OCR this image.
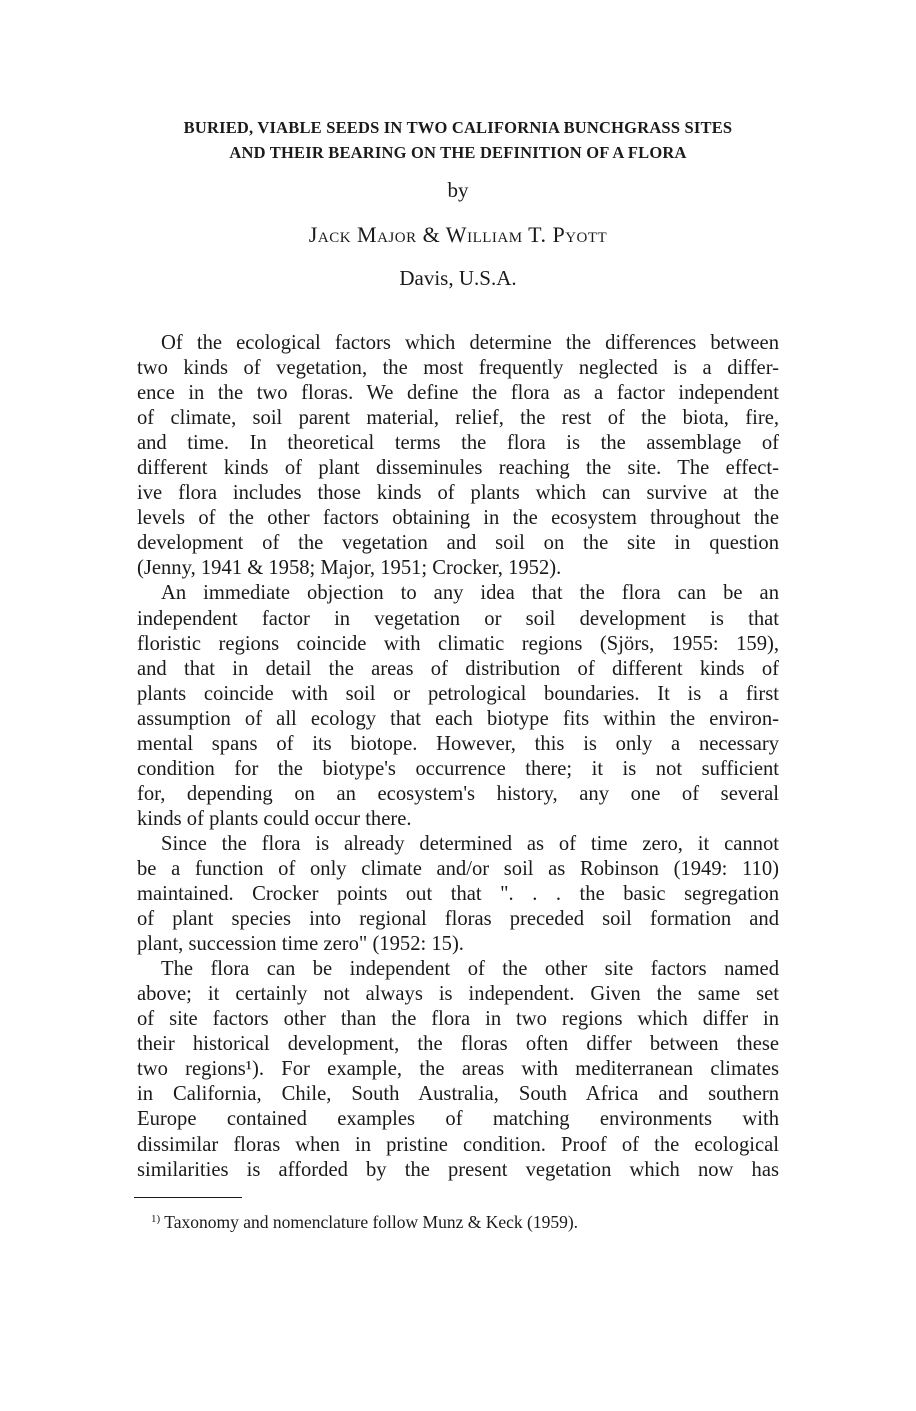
BURIED, VIABLE SEEDS IN TWO CALIFORNIA BUNCHGRASS SITES
AND THEIR BEARING ON THE DEFINITION OF A FLORA
by
Jack Major & William T. Pyott
Davis, U.S.A.
Of the ecological factors which determine the differences between
two kinds of vegetation, the most frequently neglected is a differ-
ence in the two floras. We define the flora as a factor independent
of climate, soil parent material, relief, the rest of the biota, fire,
and time. In theoretical terms the flora is the assemblage of
different kinds of plant disseminules reaching the site. The effect-
ive flora includes those kinds of plants which can survive at the
levels of the other factors obtaining in the ecosystem throughout the
development of the vegetation and soil on the site in question
(Jenny, 1941 & 1958; Major, 1951; Crocker, 1952).
An immediate objection to any idea that the flora can be an
independent factor in vegetation or soil development is that
floristic regions coincide with climatic regions (Sjörs, 1955: 159),
and that in detail the areas of distribution of different kinds of
plants coincide with soil or petrological boundaries. It is a first
assumption of all ecology that each biotype fits within the environ-
mental spans of its biotope. However, this is only a necessary
condition for the biotype's occurrence there; it is not sufficient
for, depending on an ecosystem's history, any one of several
kinds of plants could occur there.
Since the flora is already determined as of time zero, it cannot
be a function of only climate and/or soil as Robinson (1949: 110)
maintained. Crocker points out that ". . . the basic segregation
of plant species into regional floras preceded soil formation and
plant, succession time zero" (1952: 15).
The flora can be independent of the other site factors named
above; it certainly not always is independent. Given the same set
of site factors other than the flora in two regions which differ in
their historical development, the floras often differ between these
two regions¹). For example, the areas with mediterranean climates
in California, Chile, South Australia, South Africa and southern
Europe contained examples of matching environments with
dissimilar floras when in pristine condition. Proof of the ecological
similarities is afforded by the present vegetation which now has
$^{1)}$ Taxonomy and nomenclature follow Munz & Keck (1959).
